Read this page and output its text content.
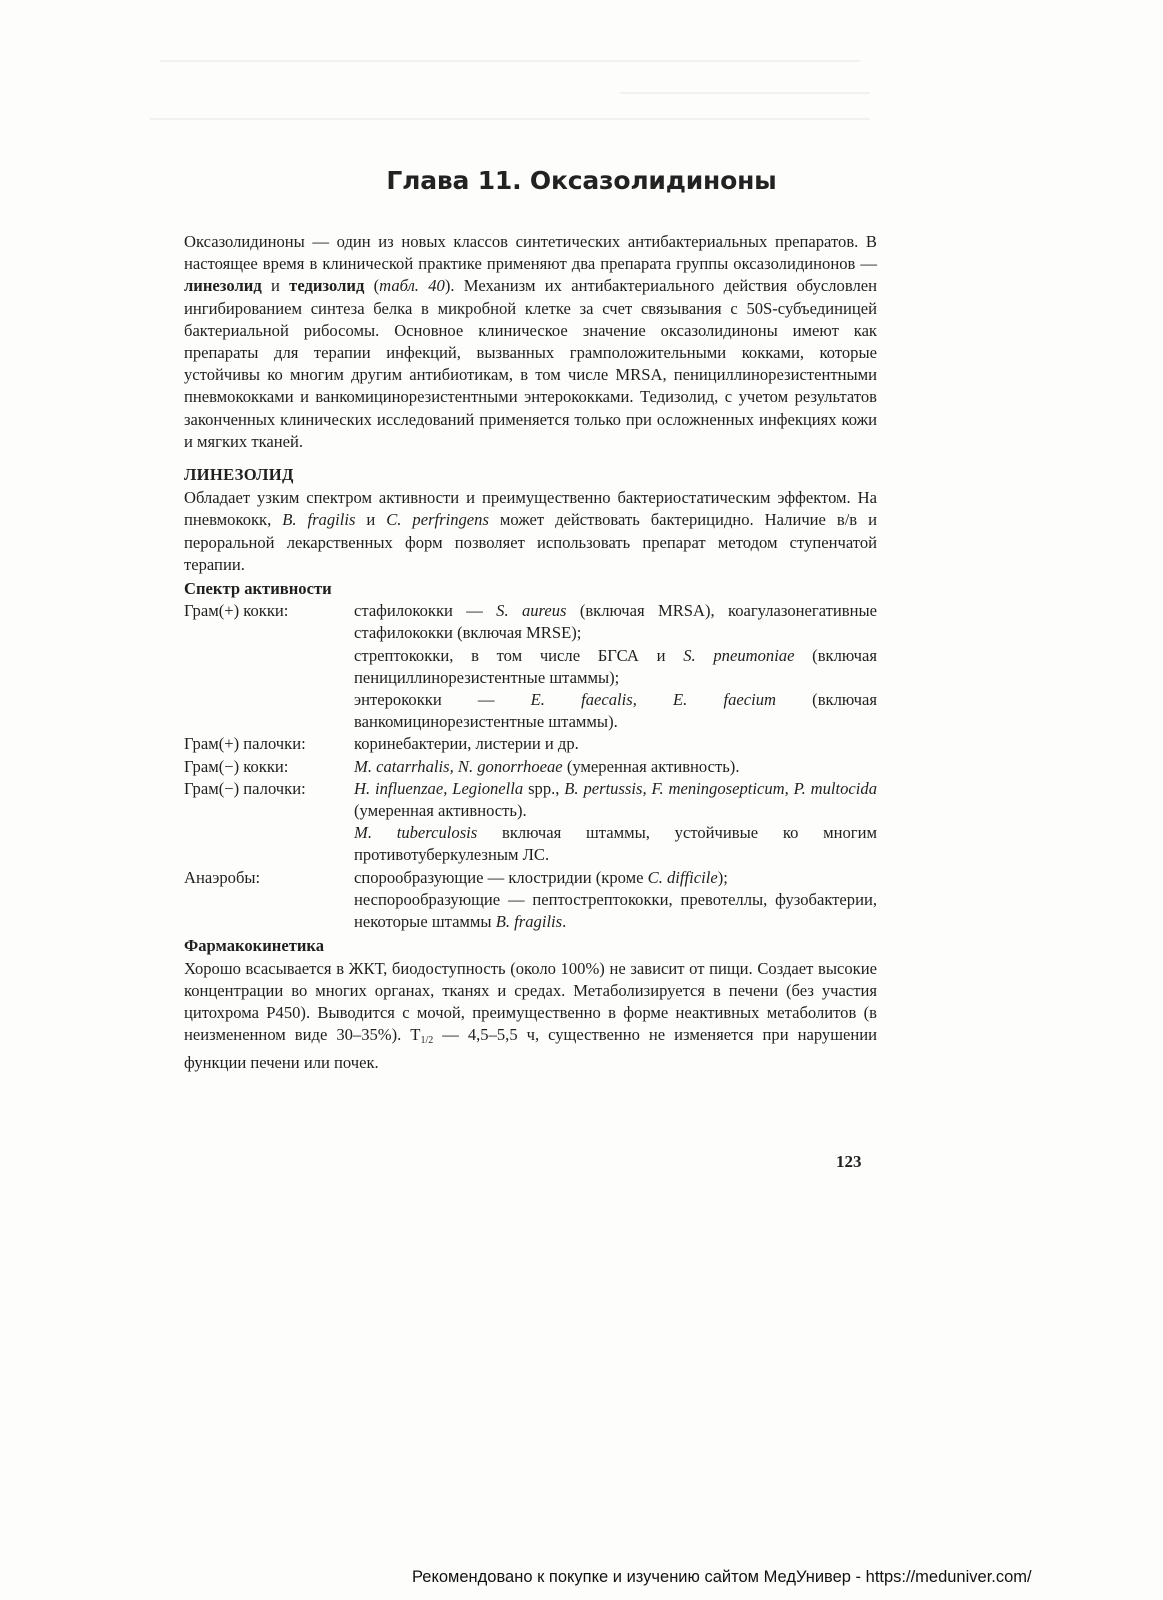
Глава 11. Оксазолидиноны

Оксазолидиноны — один из новых классов синтетических антибактериальных препаратов. В настоящее время в клинической практике применяют два препарата группы оксазолидинонов — линезолид и тедизолид (табл. 40). Механизм их антибактериального действия обусловлен ингибированием синтеза белка в микробной клетке за счет связывания с 50S-субъединицей бактериальной рибосомы. Основное клиническое значение оксазолидиноны имеют как препараты для терапии инфекций, вызванных грамположительными кокками, которые устойчивы ко многим другим антибиотикам, в том числе MRSA, пенициллинорезистентными пневмококками и ванкомицинорезистентными энтерококками. Тедизолид, с учетом результатов законченных клинических исследований применяется только при осложненных инфекциях кожи и мягких тканей.

ЛИНЕЗОЛИД

Обладает узким спектром активности и преимущественно бактериостатическим эффектом. На пневмококк, B. fragilis и C. perfringens может действовать бактерицидно. Наличие в/в и пероральной лекарственных форм позволяет использовать препарат методом ступенчатой терапии.

Спектр активности
Грам(+) кокки:	стафилококки — S. aureus (включая MRSA), коагулазонегативные стафилококки (включая MRSE);
стрептококки, в том числе БГСА и S. pneumoniae (включая пенициллинорезистентные штаммы);
энтерококки — E. faecalis, E. faecium (включая ванкомицинорезистентные штаммы).
Грам(+) палочки:	коринебактерии, листерии и др.
Грам(−) кокки:	M. catarrhalis, N. gonorrhoeae (умеренная активность).
Грам(−) палочки:	H. influenzae, Legionella spp., B. pertussis, F. meningosepticum, P. multocida (умеренная активность).
M. tuberculosis включая штаммы, устойчивые ко многим противотуберкулезным ЛС.
Анаэробы:	спорообразующие — клостридии (кроме C. difficile);
неспорообразующие — пептострептококки, превотеллы, фузобактерии, некоторые штаммы B. fragilis.
Фармакокинетика

Хорошо всасывается в ЖКТ, биодоступность (около 100%) не зависит от пищи. Создает высокие концентрации во многих органах, тканях и средах. Метаболизируется в печени (без участия цитохрома P450). Выводится с мочой, преимущественно в форме неактивных метаболитов (в неизмененном виде 30–35%). $T_{1/2}$ — 4,5–5,5 ч, существенно не изменяется при нарушении функции печени или почек.

123
Рекомендовано к покупке и изучению сайтом МедУнивер - https://meduniver.com/
